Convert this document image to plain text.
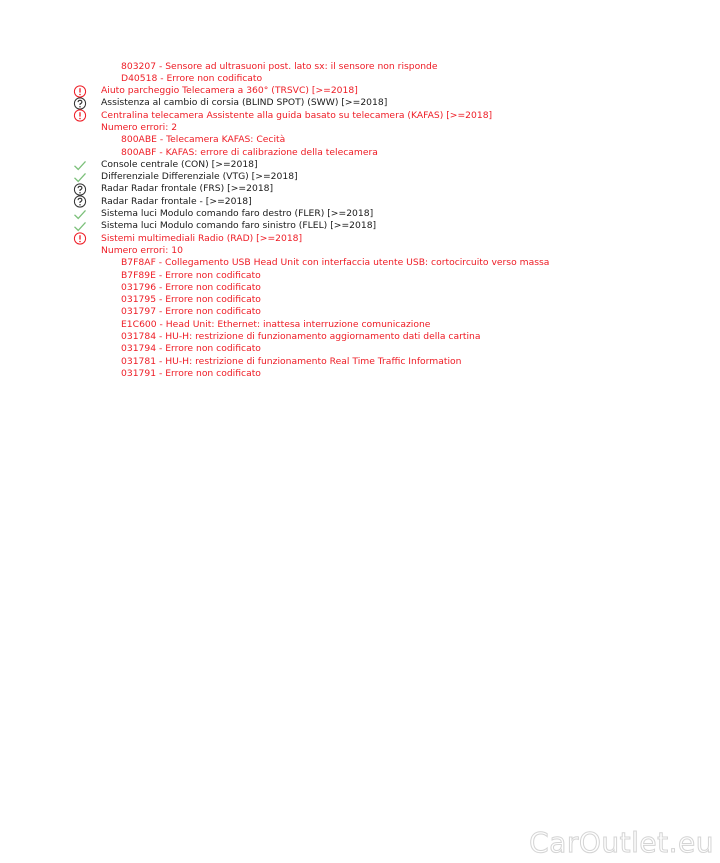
803207 - Sensore ad ultrasuoni post. lato sx: il sensore non risponde
D40518 - Errore non codificato
Aiuto parcheggio Telecamera a 360° (TRSVC) [>=2018]
Assistenza al cambio di corsia (BLIND SPOT) (SWW) [>=2018]
Centralina telecamera Assistente alla guida basato su telecamera (KAFAS) [>=2018]
Numero errori: 2
800ABE - Telecamera KAFAS: Cecità
800ABF - KAFAS: errore di calibrazione della telecamera
Console centrale (CON) [>=2018]
Differenziale Differenziale (VTG) [>=2018]
Radar Radar frontale (FRS) [>=2018]
Radar Radar frontale - [>=2018]
Sistema luci Modulo comando faro destro (FLER) [>=2018]
Sistema luci Modulo comando faro sinistro (FLEL) [>=2018]
Sistemi multimediali Radio (RAD) [>=2018]
Numero errori: 10
B7F8AF - Collegamento USB Head Unit con interfaccia utente USB: cortocircuito verso massa
B7F89E - Errore non codificato
031796 - Errore non codificato
031795 - Errore non codificato
031797 - Errore non codificato
E1C600 - Head Unit: Ethernet: inattesa interruzione comunicazione
031784 - HU-H: restrizione di funzionamento aggiornamento dati della cartina
031794 - Errore non codificato
031781 - HU-H: restrizione di funzionamento Real Time Traffic Information
031791 - Errore non codificato
CarOutlet.eu
